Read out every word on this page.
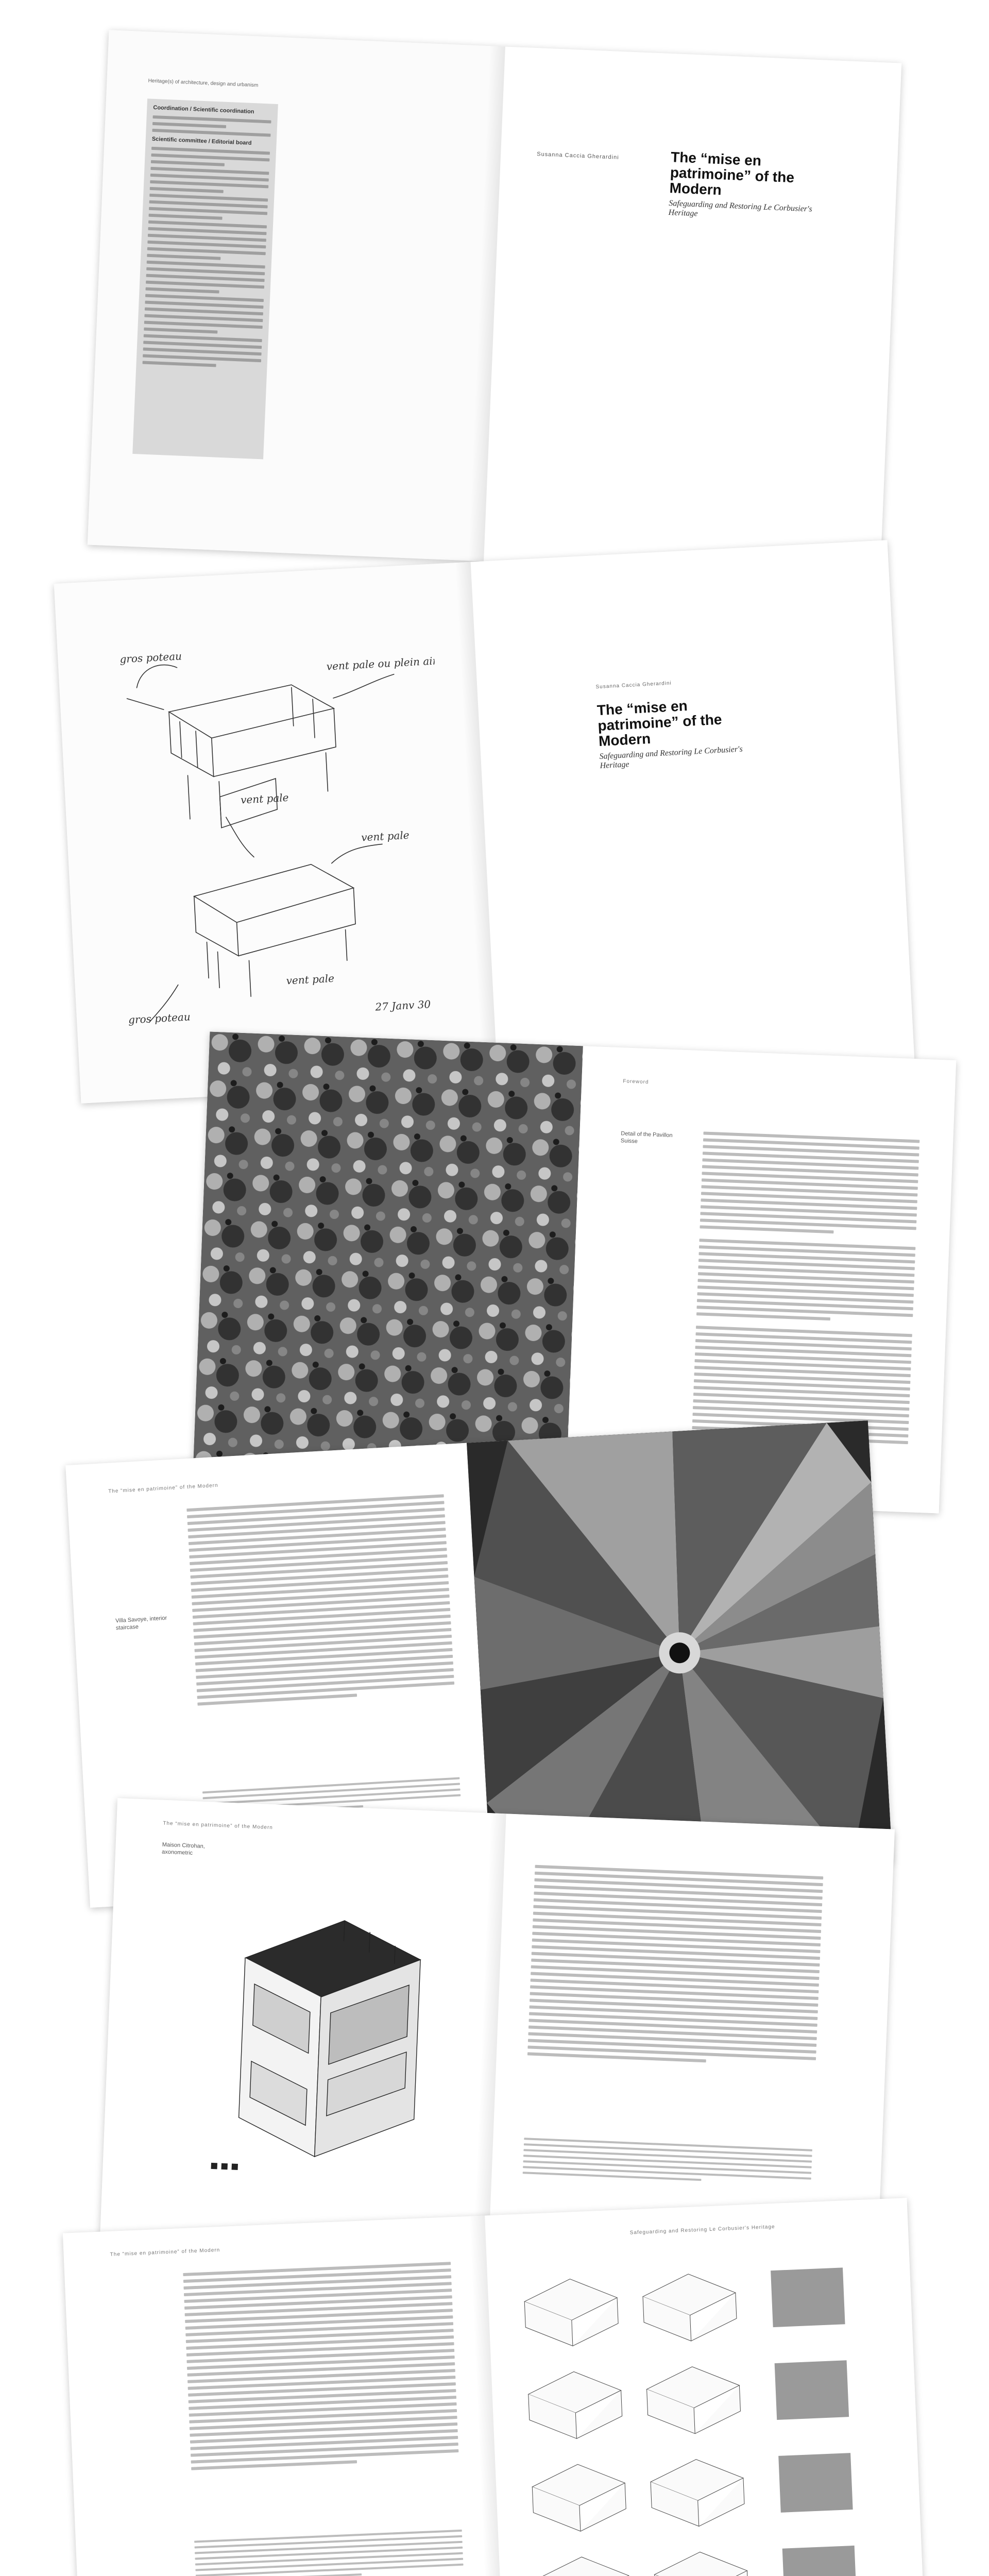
Heritage(s) of architecture, design and urbanism
Coordination / Scientific coordination
Scientific committee / Editorial board
Susanna Caccia Gherardini	The “mise en patrimoine” of the Modern
Safeguarding and Restoring Le Corbusier's Heritage
gros poteau	vent pale ou plein air
vent pale
vent pale
vent pale
gros poteau
27 Janv 30
Susanna Caccia Gherardini
The “mise en patrimoine” of the Modern
Safeguarding and Restoring Le Corbusier's Heritage
Foreword
Detail of the Pavillon Suisse
The “mise en patrimoine” of the Modern
Villa Savoye, interior staircase
The “mise en patrimoine” of the Modern
Maison Citrohan, axonometric
The “mise en patrimoine” of the Modern
Safeguarding and Restoring Le Corbusier's Heritage
